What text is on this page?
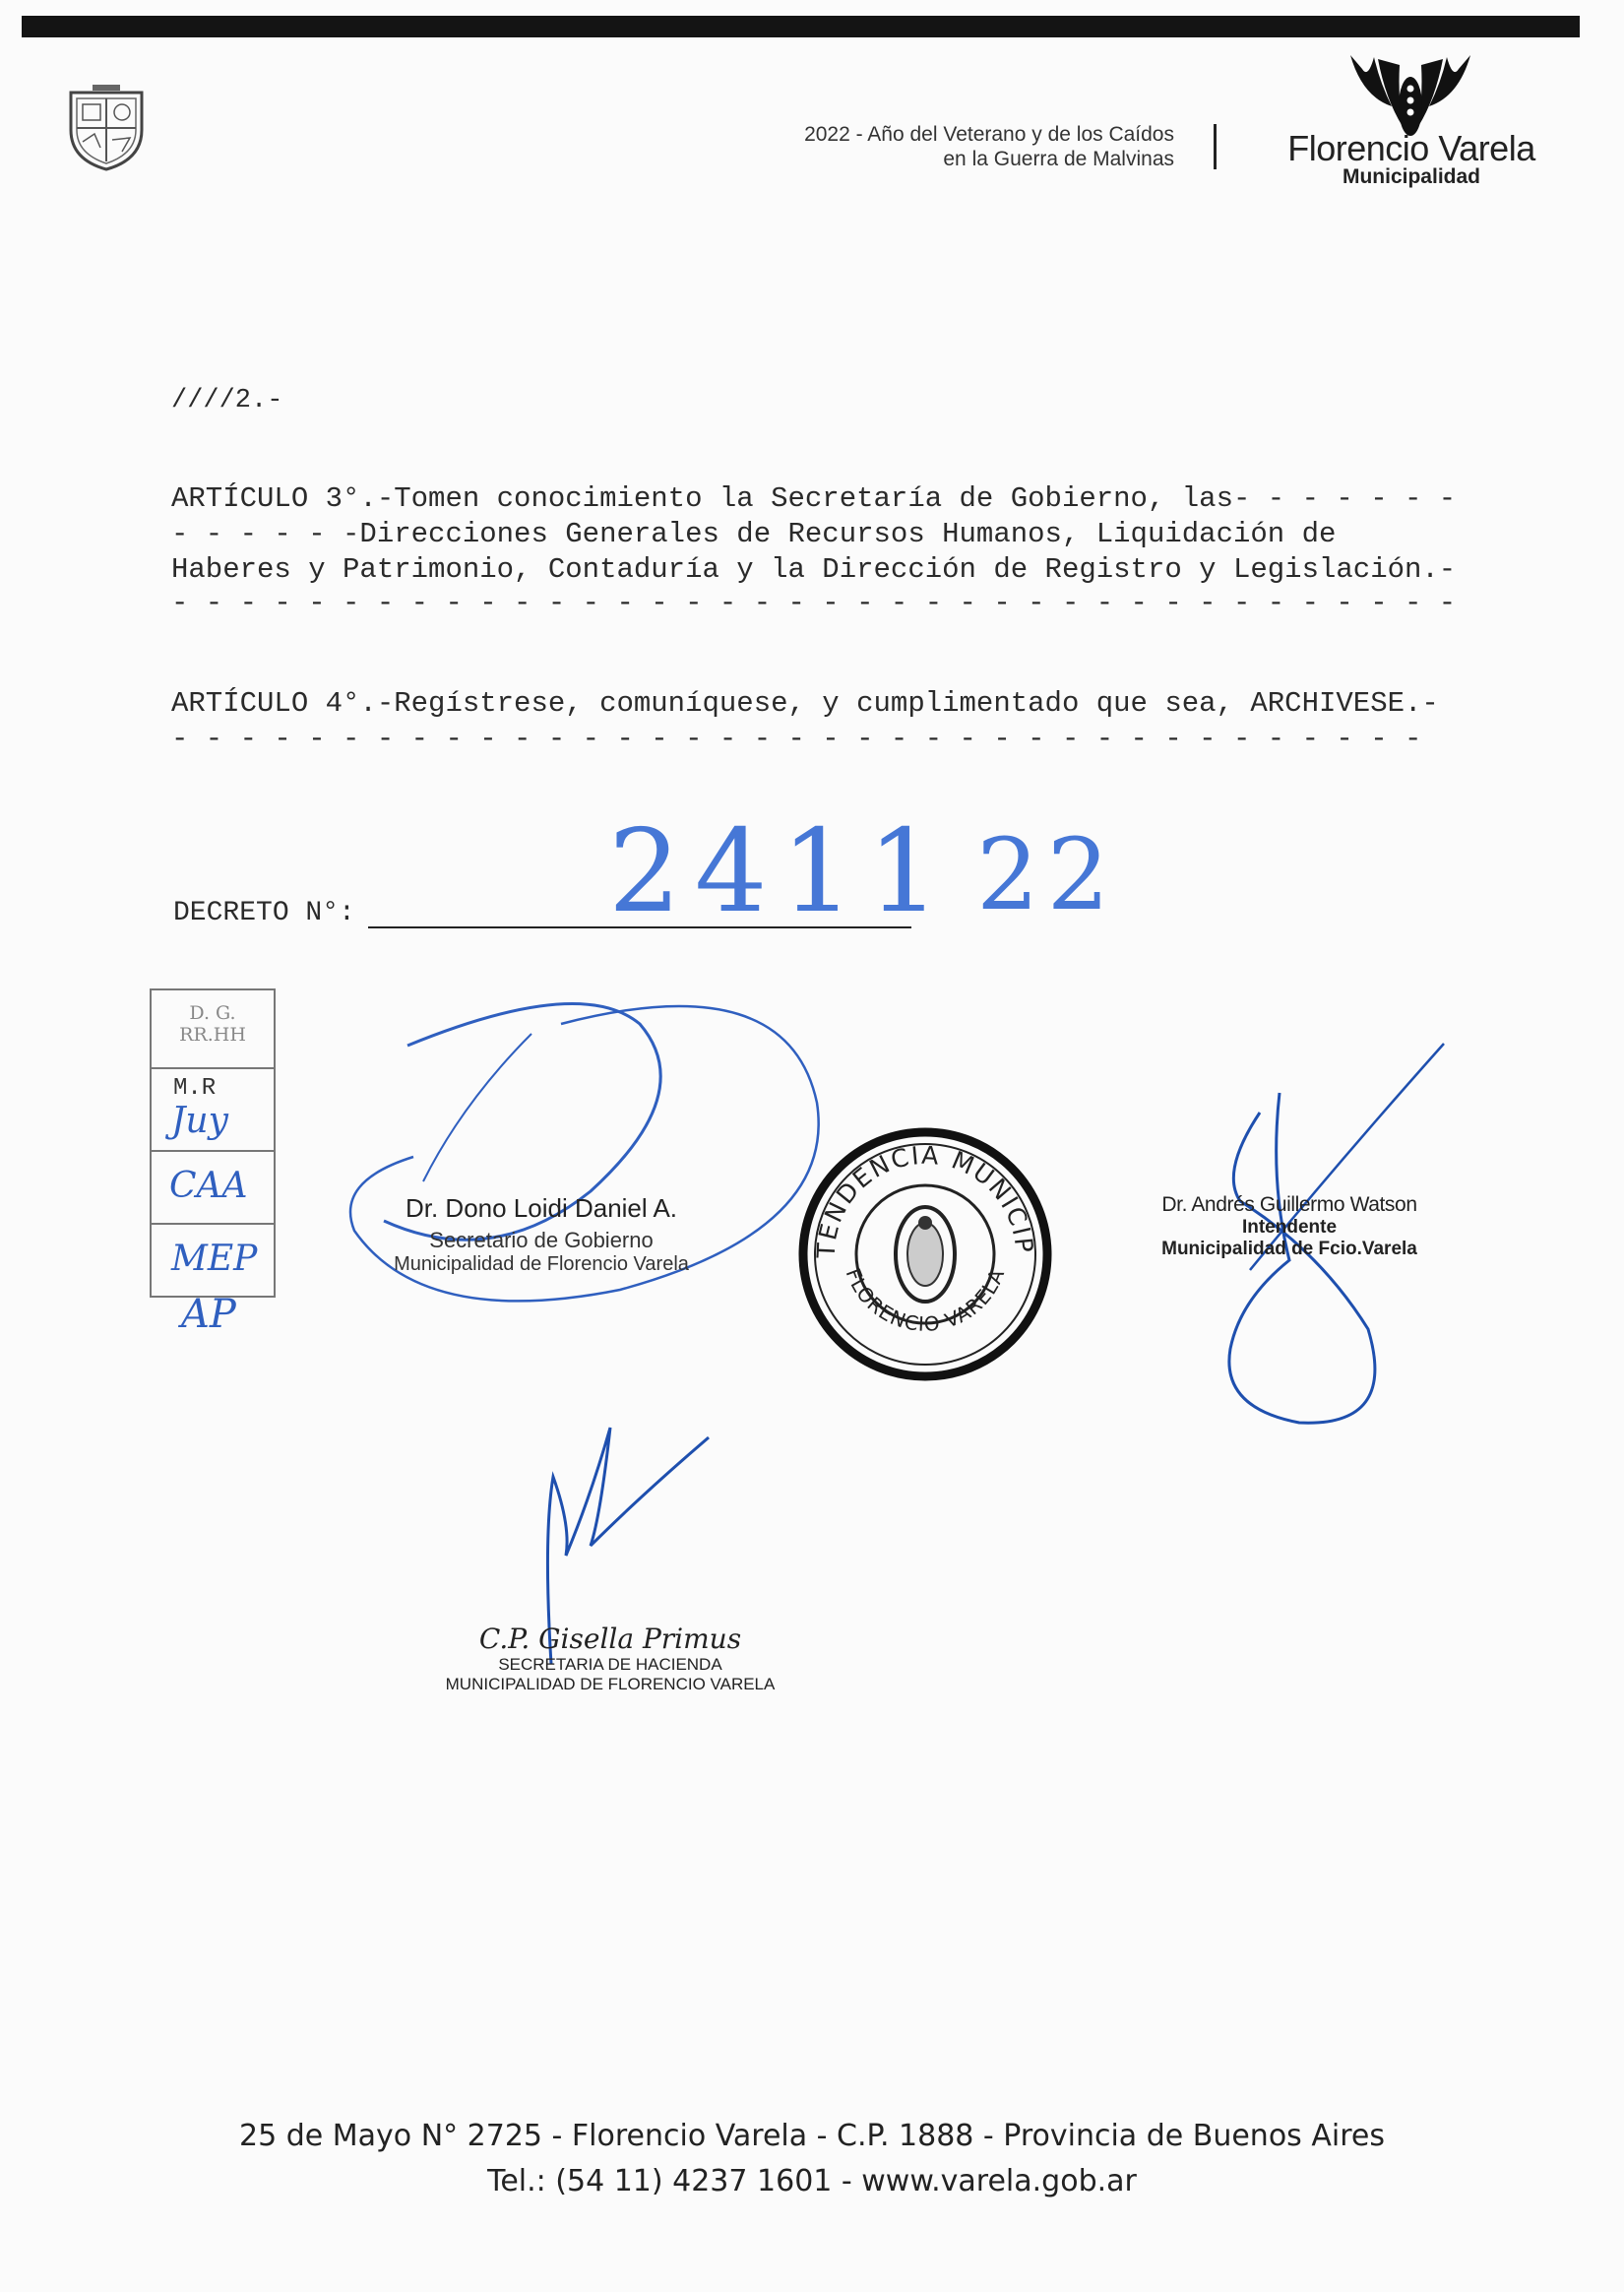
2022 - Año del Veterano y de los Caídos
en la Guerra de Malvinas	Florencio Varela
Municipalidad
////2.-
ARTÍCULO 3°.-Tomen conocimiento la Secretaría de Gobierno, las- - - - - - -
- - - - - -Direcciones Generales de Recursos Humanos, Liquidación de
Haberes y Patrimonio, Contaduría y la Dirección de Registro y Legislación.-
- - - - - - - - - - - - - - - - - - - - - - - - - - - - - - - - - - - - - -
ARTÍCULO 4°.-Regístrese, comuníquese, y cumplimentado que sea, ARCHIVESE.-
- - - - - - - - - - - - - - - - - - - - - - - - - - - - - - - - - - - - -
DECRETO N°: 2411 22
D. G.
RR.HH
M.R
Juy
CAA
MEP
AP
Dr. Dono Loidi Daniel A.
Secretario de Gobierno
Municipalidad de Florencio Varela
INTENDENCIA MUNICIPAL
FLORENCIO VARELA
Dr. Andrés Guillermo Watson
Intendente
Municipalidad de Fcio.Varela
C.P. Gisella Primus
SECRETARIA DE HACIENDA
MUNICIPALIDAD DE FLORENCIO VARELA
25 de Mayo N° 2725 - Florencio Varela - C.P. 1888 - Provincia de Buenos Aires
Tel.: (54 11) 4237 1601 - www.varela.gob.ar
